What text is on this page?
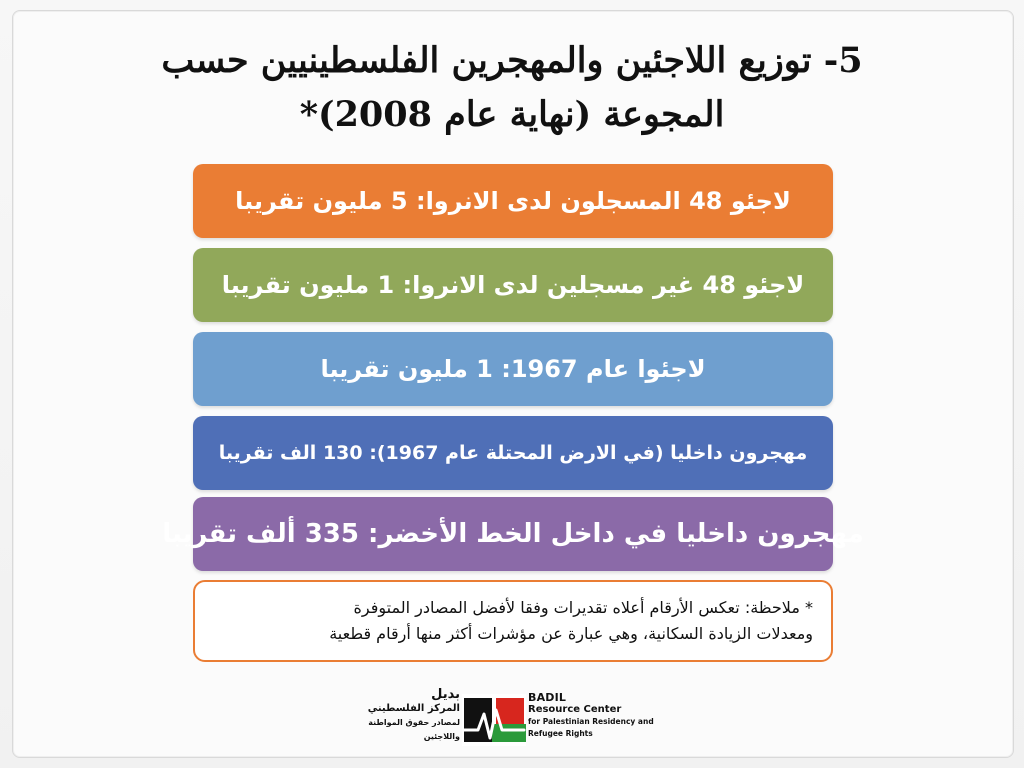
5- توزيع اللاجئين والمهجرين الفلسطينيين حسب
المجوعة (نهاية عام 2008)*
لاجئو 48 المسجلون لدى الانروا: 5 مليون تقريبا
لاجئو 48 غير مسجلين لدى الانروا: 1 مليون تقريبا
لاجئوا عام 1967: 1 مليون تقريبا
مهجرون داخليا (في الارض المحتلة عام 1967): 130 الف تقريبا
مهجرون داخليا في داخل الخط الأخضر: 335 ألف تقريبا
* ملاحظة: تعكس الأرقام أعلاه تقديرات وفقا لأفضل المصادر المتوفرة
ومعدلات الزيادة السكانية، وهي عبارة عن مؤشرات أكثر منها أرقام قطعية
بديل
المركز الفلسطيني
لمصادر حقوق المواطنة واللاجئين
BADIL
Resource Center
for Palestinian Residency and
Refugee Rights
